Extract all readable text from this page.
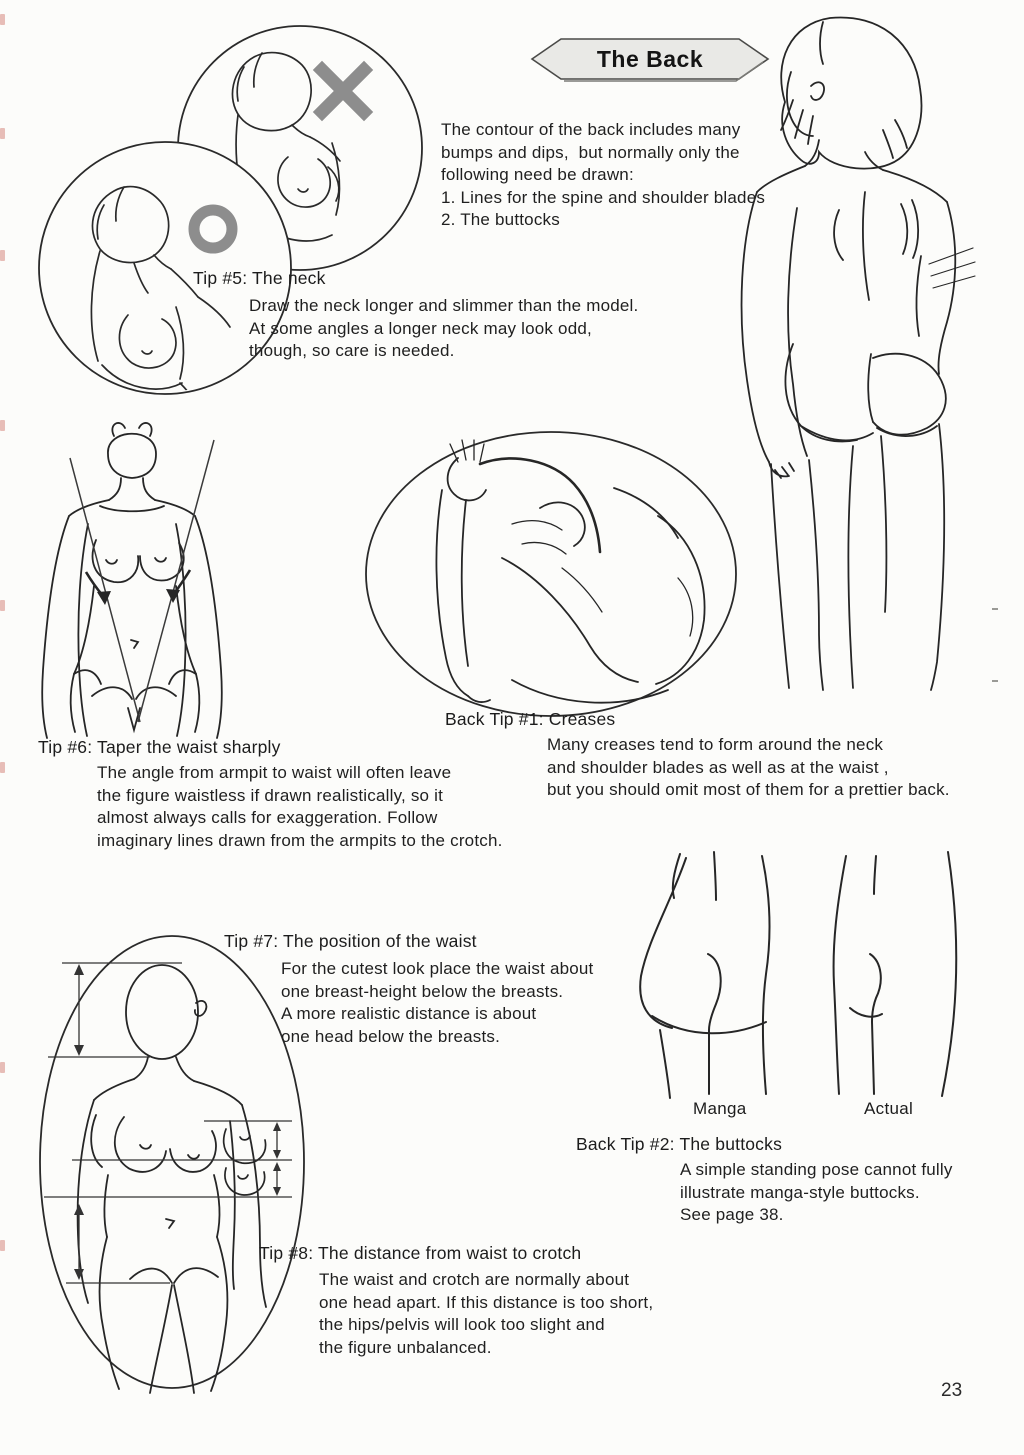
The Back
The contour of the back includes many
bumps and dips,  but normally only the
following need be drawn:
1. Lines for the spine and shoulder blades
2. The buttocks
Tip #5: The neck
Draw the neck longer and slimmer than the model.
At some angles a longer neck may look odd,
though, so care is needed.
Back Tip #1: Creases
Many creases tend to form around the neck
and shoulder blades as well as at the waist ,
but you should omit most of them for a prettier back.
Tip #6: Taper the waist sharply
The angle from armpit to waist will often leave
the figure waistless if drawn realistically, so it
almost always calls for exaggeration. Follow
imaginary lines drawn from the armpits to the crotch.
Manga	Actual
Tip #7: The position of the waist
For the cutest look place the waist about
one breast-height below the breasts.
A more realistic distance is about
one head below the breasts.
Back Tip #2: The buttocks
A simple standing pose cannot fully
illustrate manga-style buttocks.
See page 38.
Tip #8: The distance from waist to crotch
The waist and crotch are normally about
one head apart. If this distance is too short,
the hips/pelvis will look too slight and
the figure unbalanced.
23
